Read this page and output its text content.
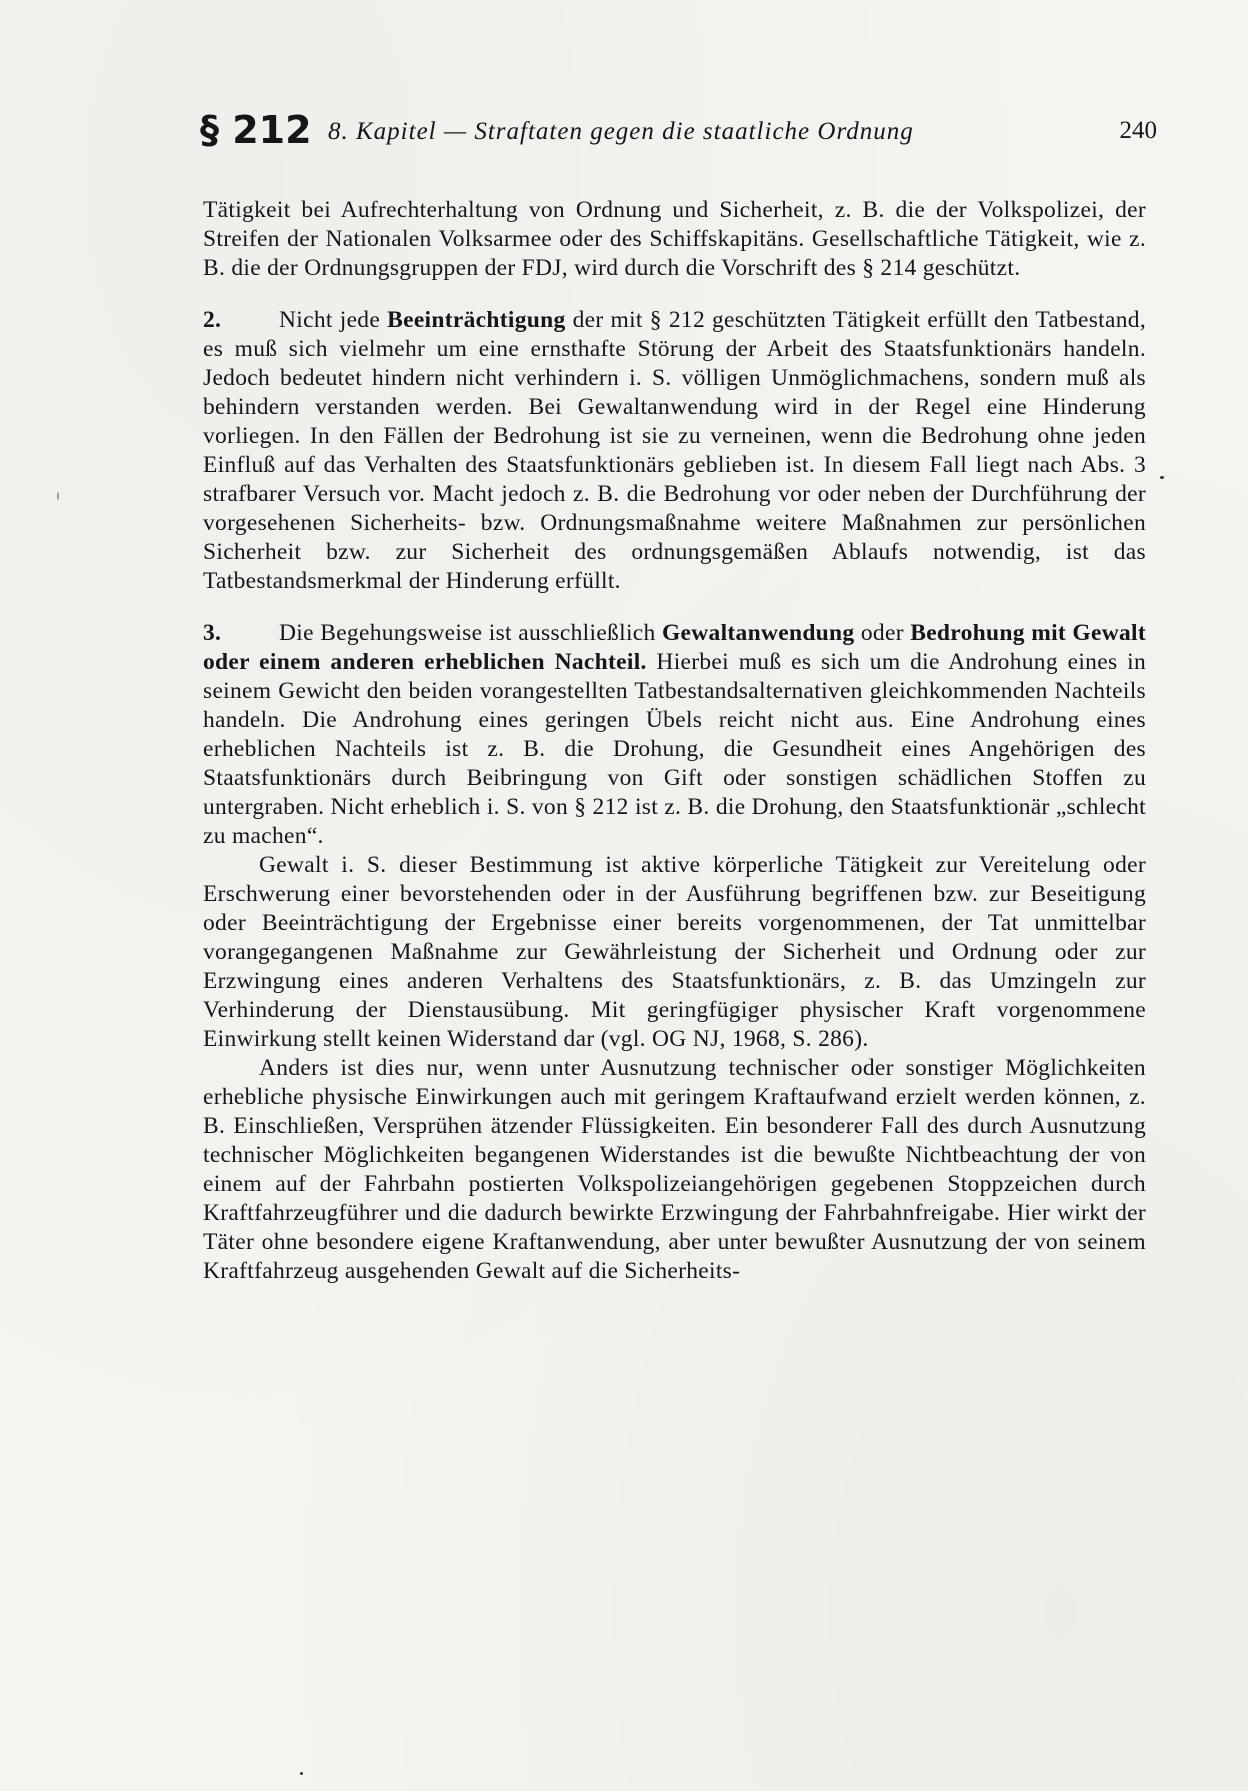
§ 212 8. Kapitel — Straftaten gegen die staatliche Ordnung	240

Tätigkeit bei Aufrechterhaltung von Ordnung und Sicherheit, z. B. die der Volkspolizei, der Streifen der Nationalen Volksarmee oder des Schiffskapitäns. Gesellschaftliche Tätigkeit, wie z. B. die der Ordnungsgruppen der FDJ, wird durch die Vorschrift des § 214 geschützt.

2. Nicht jede Beeinträchtigung der mit § 212 geschützten Tätigkeit erfüllt den Tatbestand, es muß sich vielmehr um eine ernsthafte Störung der Arbeit des Staatsfunktionärs handeln. Jedoch bedeutet hindern nicht verhindern i. S. völligen Unmöglichmachens, sondern muß als behindern verstanden werden. Bei Gewaltanwendung wird in der Regel eine Hinderung vorliegen. In den Fällen der Bedrohung ist sie zu verneinen, wenn die Bedrohung ohne jeden Einfluß auf das Verhalten des Staatsfunktionärs geblieben ist. In diesem Fall liegt nach Abs. 3 strafbarer Versuch vor. Macht jedoch z. B. die Bedrohung vor oder neben der Durchführung der vorgesehenen Sicherheits- bzw. Ordnungsmaßnahme weitere Maßnahmen zur persönlichen Sicherheit bzw. zur Sicherheit des ordnungsgemäßen Ablaufs notwendig, ist das Tatbestandsmerkmal der Hinderung erfüllt.

3. Die Begehungsweise ist ausschließlich Gewaltanwendung oder Bedrohung mit Gewalt oder einem anderen erheblichen Nachteil. Hierbei muß es sich um die Androhung eines in seinem Gewicht den beiden vorangestellten Tatbestandsalternativen gleichkommenden Nachteils handeln. Die Androhung eines geringen Übels reicht nicht aus. Eine Androhung eines erheblichen Nachteils ist z. B. die Drohung, die Gesundheit eines Angehörigen des Staatsfunktionärs durch Beibringung von Gift oder sonstigen schädlichen Stoffen zu untergraben. Nicht erheblich i. S. von § 212 ist z. B. die Drohung, den Staatsfunktionär „schlecht zu machen“.

Gewalt i. S. dieser Bestimmung ist aktive körperliche Tätigkeit zur Vereitelung oder Erschwerung einer bevorstehenden oder in der Ausführung begriffenen bzw. zur Beseitigung oder Beeinträchtigung der Ergebnisse einer bereits vorgenommenen, der Tat unmittelbar vorangegangenen Maßnahme zur Gewährleistung der Sicherheit und Ordnung oder zur Erzwingung eines anderen Verhaltens des Staatsfunktionärs, z. B. das Umzingeln zur Verhinderung der Dienstausübung. Mit geringfügiger physischer Kraft vorgenommene Einwirkung stellt keinen Widerstand dar (vgl. OG NJ, 1968, S. 286).

Anders ist dies nur, wenn unter Ausnutzung technischer oder sonstiger Möglichkeiten erhebliche physische Einwirkungen auch mit geringem Kraftaufwand erzielt werden können, z. B. Einschließen, Versprühen ätzender Flüssigkeiten. Ein besonderer Fall des durch Ausnutzung technischer Möglichkeiten begangenen Widerstandes ist die bewußte Nichtbeachtung der von einem auf der Fahrbahn postierten Volkspolizeiangehörigen gegebenen Stoppzeichen durch Kraftfahrzeugführer und die dadurch bewirkte Erzwingung der Fahrbahnfreigabe. Hier wirkt der Täter ohne besondere eigene Kraftanwendung, aber unter bewußter Ausnutzung der von seinem Kraftfahrzeug ausgehenden Gewalt auf die Sicherheits-
